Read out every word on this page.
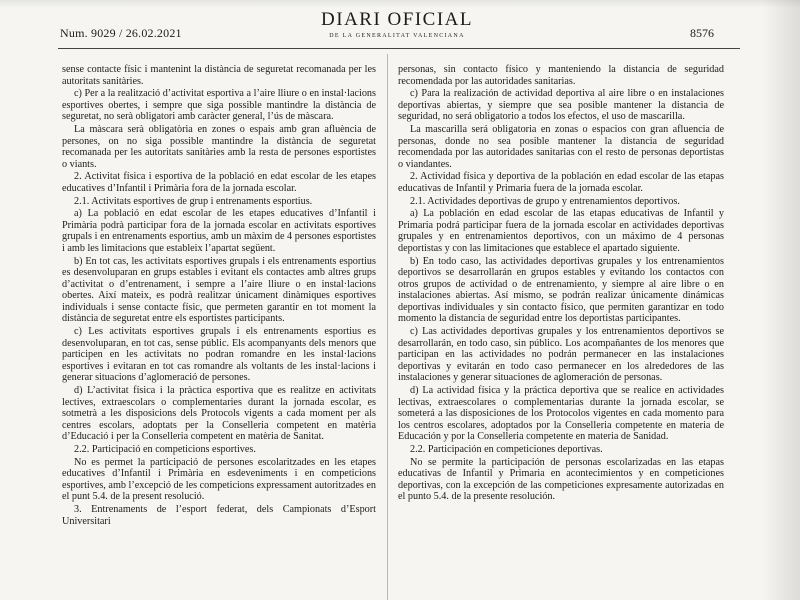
Num. 9029 / 26.02.2021
DIARI OFICIAL
DE LA GENERALITAT VALENCIANA	8576

sense contacte físic i mantenint la distància de seguretat recomanada per les autoritats sanitàries.

c) Per a la realització d’activitat esportiva a l’aire lliure o en instal·lacions esportives obertes, i sempre que siga possible mantindre la distància de seguretat, no serà obligatori amb caràcter general, l’ús de màscara.

La màscara serà obligatòria en zones o espais amb gran afluència de persones, on no siga possible mantindre la distància de seguretat recomanada per les autoritats sanitàries amb la resta de persones esportistes o viants.

2. Activitat física i esportiva de la població en edat escolar de les etapes educatives d’Infantil i Primària fora de la jornada escolar.

2.1. Activitats esportives de grup i entrenaments esportius.

a) La població en edat escolar de les etapes educatives d’Infantil i Primària podrà participar fora de la jornada escolar en activitats esportives grupals i en entrenaments esportius, amb un màxim de 4 persones esportistes i amb les limitacions que estableix l’apartat següent.

b) En tot cas, les activitats esportives grupals i els entrenaments esportius es desenvoluparan en grups estables i evitant els contactes amb altres grups d’activitat o d’entrenament, i sempre a l’aire lliure o en instal·lacions obertes. Així mateix, es podrà realitzar únicament dinàmiques esportives individuals i sense contacte físic, que permeten garantir en tot moment la distància de seguretat entre els esportistes participants.

c) Les activitats esportives grupals i els entrenaments esportius es desenvoluparan, en tot cas, sense públic. Els acompanyants dels menors que participen en les activitats no podran romandre en les instal·lacions esportives i evitaran en tot cas romandre als voltants de les instal·lacions i generar situacions d’aglomeració de persones.

d) L’activitat física i la pràctica esportiva que es realitze en activitats lectives, extraescolars o complementaries durant la jornada escolar, es sotmetrà a les disposicions dels Protocols vigents a cada moment per als centres escolars, adoptats per la Conselleria competent en matèria d’Educació i per la Conselleria competent en matèria de Sanitat.

2.2. Participació en competicions esportives.

No es permet la participació de persones escolaritzades en les etapes educatives d’Infantil i Primària en esdeveniments i en competicions esportives, amb l’excepció de les competicions expressament autoritzades en el punt 5.4. de la present resolució.

3. Entrenaments de l’esport federat, dels Campionats d’Esport Universitari

personas, sin contacto físico y manteniendo la distancia de seguridad recomendada por las autoridades sanitarias.

c) Para la realización de actividad deportiva al aire libre o en instalaciones deportivas abiertas, y siempre que sea posible mantener la distancia de seguridad, no será obligatorio a todos los efectos, el uso de mascarilla.

La mascarilla será obligatoria en zonas o espacios con gran afluencia de personas, donde no sea posible mantener la distancia de seguridad recomendada por las autoridades sanitarias con el resto de personas deportistas o viandantes.

2. Actividad física y deportiva de la población en edad escolar de las etapas educativas de Infantil y Primaria fuera de la jornada escolar.

2.1. Actividades deportivas de grupo y entrenamientos deportivos.

a) La población en edad escolar de las etapas educativas de Infantil y Primaria podrá participar fuera de la jornada escolar en actividades deportivas grupales y en entrenamientos deportivos, con un máximo de 4 personas deportistas y con las limitaciones que establece el apartado siguiente.

b) En todo caso, las actividades deportivas grupales y los entrenamientos deportivos se desarrollarán en grupos estables y evitando los contactos con otros grupos de actividad o de entrenamiento, y siempre al aire libre o en instalaciones abiertas. Así mismo, se podrán realizar únicamente dinámicas deportivas individuales y sin contacto físico, que permiten garantizar en todo momento la distancia de seguridad entre los deportistas participantes.

c) Las actividades deportivas grupales y los entrenamientos deportivos se desarrollarán, en todo caso, sin público. Los acompañantes de los menores que participan en las actividades no podrán permanecer en las instalaciones deportivas y evitarán en todo caso permanecer en los alrededores de las instalaciones y generar situaciones de aglomeración de personas.

d) La actividad física y la práctica deportiva que se realice en actividades lectivas, extraescolares o complementarias durante la jornada escolar, se someterá a las disposiciones de los Protocolos vigentes en cada momento para los centros escolares, adoptados por la Conselleria competente en materia de Educación y por la Conselleria competente en materia de Sanidad.

2.2. Participación en competiciones deportivas.

No se permite la participación de personas escolarizadas en las etapas educativas de Infantil y Primaria en acontecimientos y en competiciones deportivas, con la excepción de las competiciones expresamente autorizadas en el punto 5.4. de la presente resolución.
